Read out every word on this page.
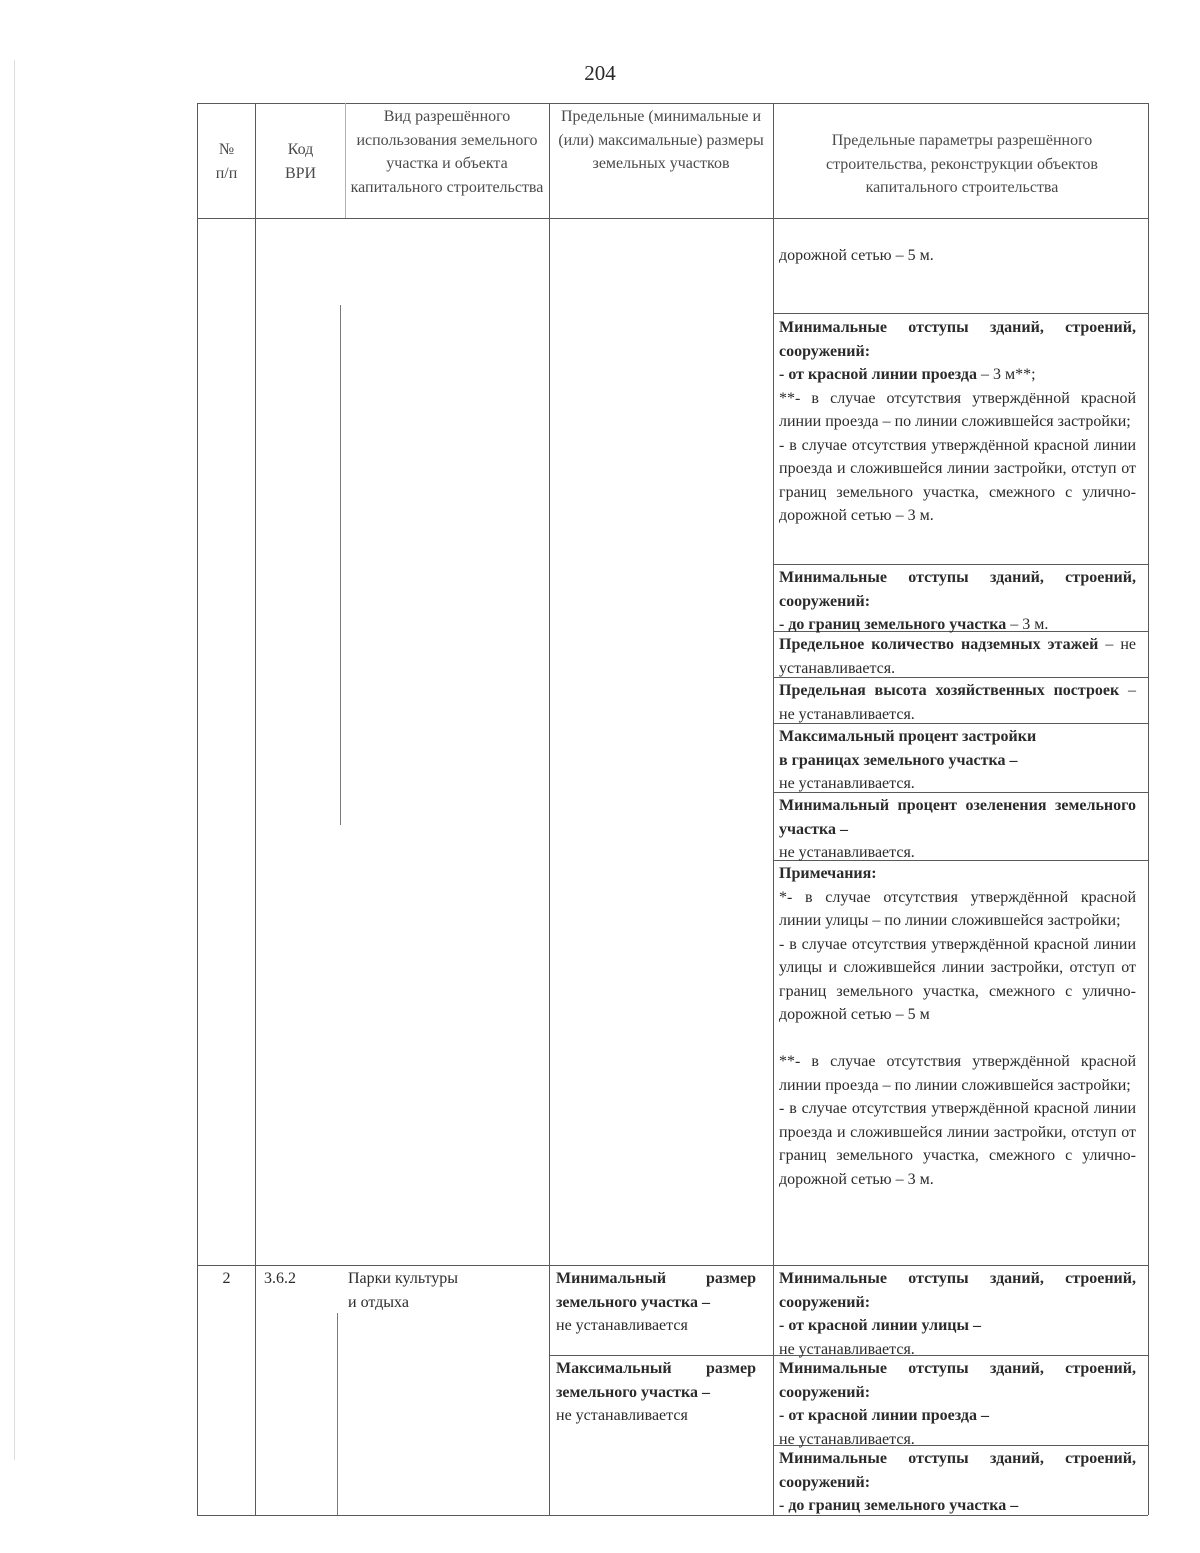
204
№
п/п
Код
ВРИ
Вид разрешённого использования земельного участка и объекта капитального строительства
Предельные (минимальные и (или) максимальные) размеры земельных участков
Предельные параметры разрешённого строительства, реконструкции объектов капитального строительства

дорожной сетью – 5 м.

Минимальные отступы зданий, строений, сооружений:
- от красной линии проезда – 3 м**;
**- в случае отсутствия утверждённой красной линии проезда – по линии сложившейся застройки;
- в случае отсутствия утверждённой красной линии проезда и сложившейся линии застройки, отступ от границ земельного участка, смежного с улично-дорожной сетью – 3 м.
Минимальные отступы зданий, строений, сооружений:
- до границ земельного участка – 3 м.
Предельное количество надземных этажей – не устанавливается.
Предельная высота хозяйственных построек – не устанавливается.
Максимальный процент застройки
в границах земельного участка –
не устанавливается.
Минимальный процент озеленения земельного участка –
не устанавливается.
Примечания:
*- в случае отсутствия утверждённой красной линии улицы – по линии сложившейся застройки;
- в случае отсутствия утверждённой красной линии улицы и сложившейся линии застройки, отступ от границ земельного участка, смежного с улично-дорожной сетью – 5 м

**- в случае отсутствия утверждённой красной линии проезда – по линии сложившейся застройки;
- в случае отсутствия утверждённой красной линии проезда и сложившейся линии застройки, отступ от границ земельного участка, смежного с улично-дорожной сетью – 3 м.
2	3.6.2	Парки культуры
и отдыха
Минимальный размер земельного участка –
не устанавливается
Максимальный размер земельного участка –
не устанавливается
Минимальные отступы зданий, строений, сооружений:
- от красной линии улицы –
не устанавливается.
Минимальные отступы зданий, строений, сооружений:
- от красной линии проезда –
не устанавливается.
Минимальные отступы зданий, строений, сооружений:
- до границ земельного участка –
